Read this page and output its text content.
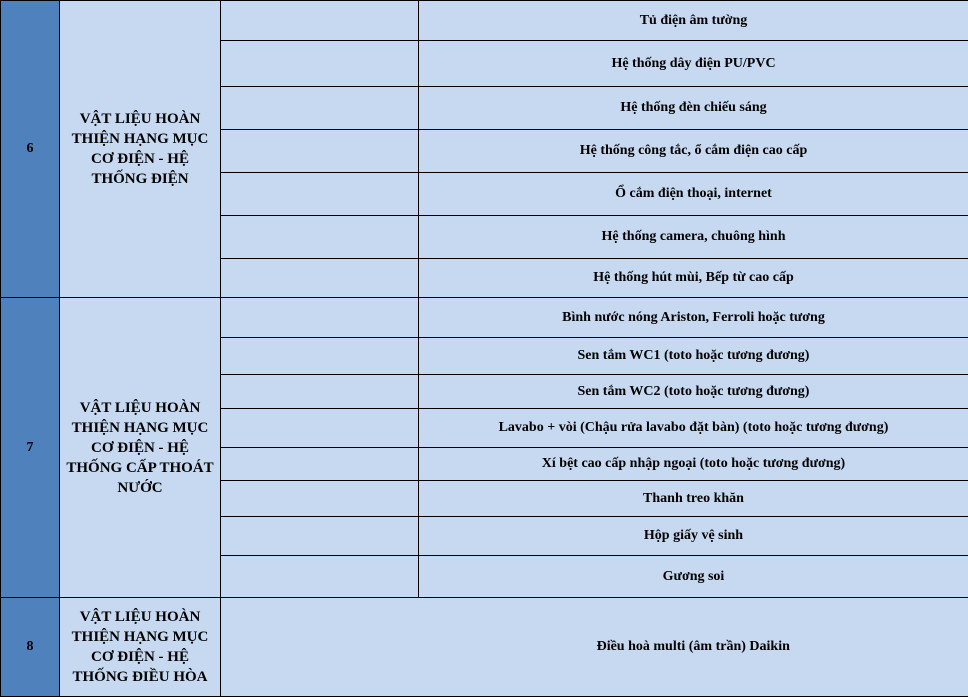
6	VẬT LIỆU HOÀN THIỆN HẠNG MỤC CƠ ĐIỆN - HỆ THỐNG ĐIỆN		Tủ điện âm tường
			Hệ thống dây điện PU/PVC
			Hệ thống đèn chiếu sáng
			Hệ thống công tắc, ổ cắm điện cao cấp
			Ổ cắm điện thoại, internet
			Hệ thống camera, chuông hình
			Hệ thống hút mùi, Bếp từ cao cấp
7	VẬT LIỆU HOÀN THIỆN HẠNG MỤC CƠ ĐIỆN - HỆ THỐNG CẤP THOÁT NƯỚC		Bình nước nóng Ariston, Ferroli hoặc tương
			Sen tắm WC1 (toto hoặc tương đương)
			Sen tắm WC2 (toto hoặc tương đương)
			Lavabo + vòi (Chậu rửa lavabo đặt bàn) (toto hoặc tương đương)
			Xí bệt cao cấp nhập ngoại (toto hoặc tương đương)
			Thanh treo khăn
			Hộp giấy vệ sinh
			Gương soi
8	VẬT LIỆU HOÀN THIỆN HẠNG MỤC CƠ ĐIỆN - HỆ THỐNG ĐIỀU HÒA		Điều hoà multi (âm trần) Daikin
